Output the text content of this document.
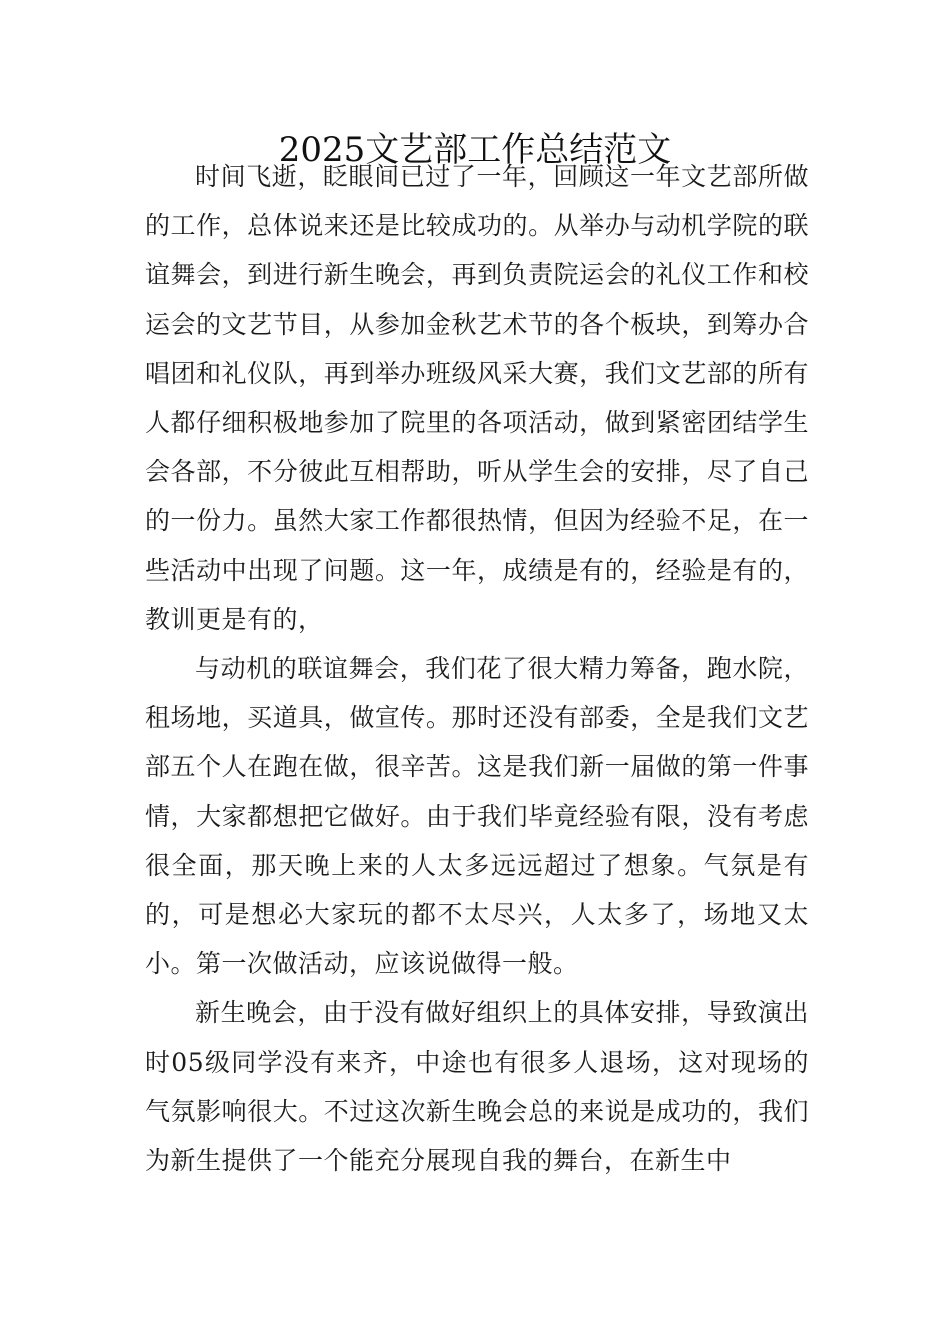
2025文艺部工作总结范文

时间飞逝，眨眼间已过了一年，回顾这一年文艺部所做的工作，总体说来还是比较成功的。从举办与动机学院的联谊舞会，到进行新生晚会，再到负责院运会的礼仪工作和校运会的文艺节目，从参加金秋艺术节的各个板块，到筹办合唱团和礼仪队，再到举办班级风采大赛，我们文艺部的所有人都仔细积极地参加了院里的各项活动，做到紧密团结学生会各部，不分彼此互相帮助，听从学生会的安排，尽了自己的一份力。虽然大家工作都很热情，但因为经验不足，在一些活动中出现了问题。这一年，成绩是有的，经验是有的，教训更是有的，

与动机的联谊舞会，我们花了很大精力筹备，跑水院，租场地，买道具，做宣传。那时还没有部委，全是我们文艺部五个人在跑在做，很辛苦。这是我们新一届做的第一件事情，大家都想把它做好。由于我们毕竟经验有限，没有考虑很全面，那天晚上来的人太多远远超过了想象。气氛是有的，可是想必大家玩的都不太尽兴，人太多了，场地又太小。第一次做活动，应该说做得一般。

新生晚会，由于没有做好组织上的具体安排，导致演出时05级同学没有来齐，中途也有很多人退场，这对现场的气氛影响很大。不过这次新生晚会总的来说是成功的，我们为新生提供了一个能充分展现自我的舞台，在新生中
